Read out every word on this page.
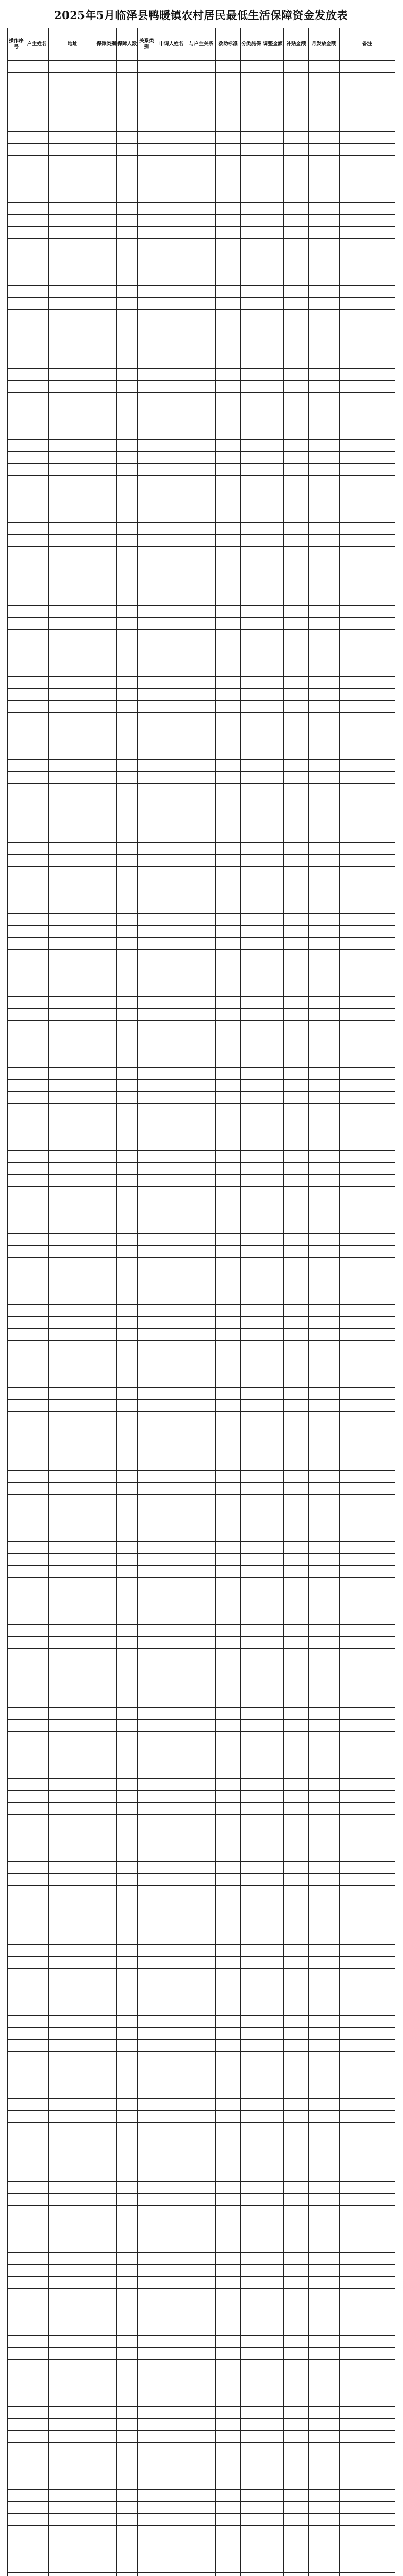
2025年5月临泽县鸭暖镇农村居民最低生活保障资金发放表
操作序号	户主姓名	地址	保障类别	保障人数	关系类别	申请人姓名	与户主关系	救助标准	分类施保	调整金额	补贴金额	月发放金额	备注
